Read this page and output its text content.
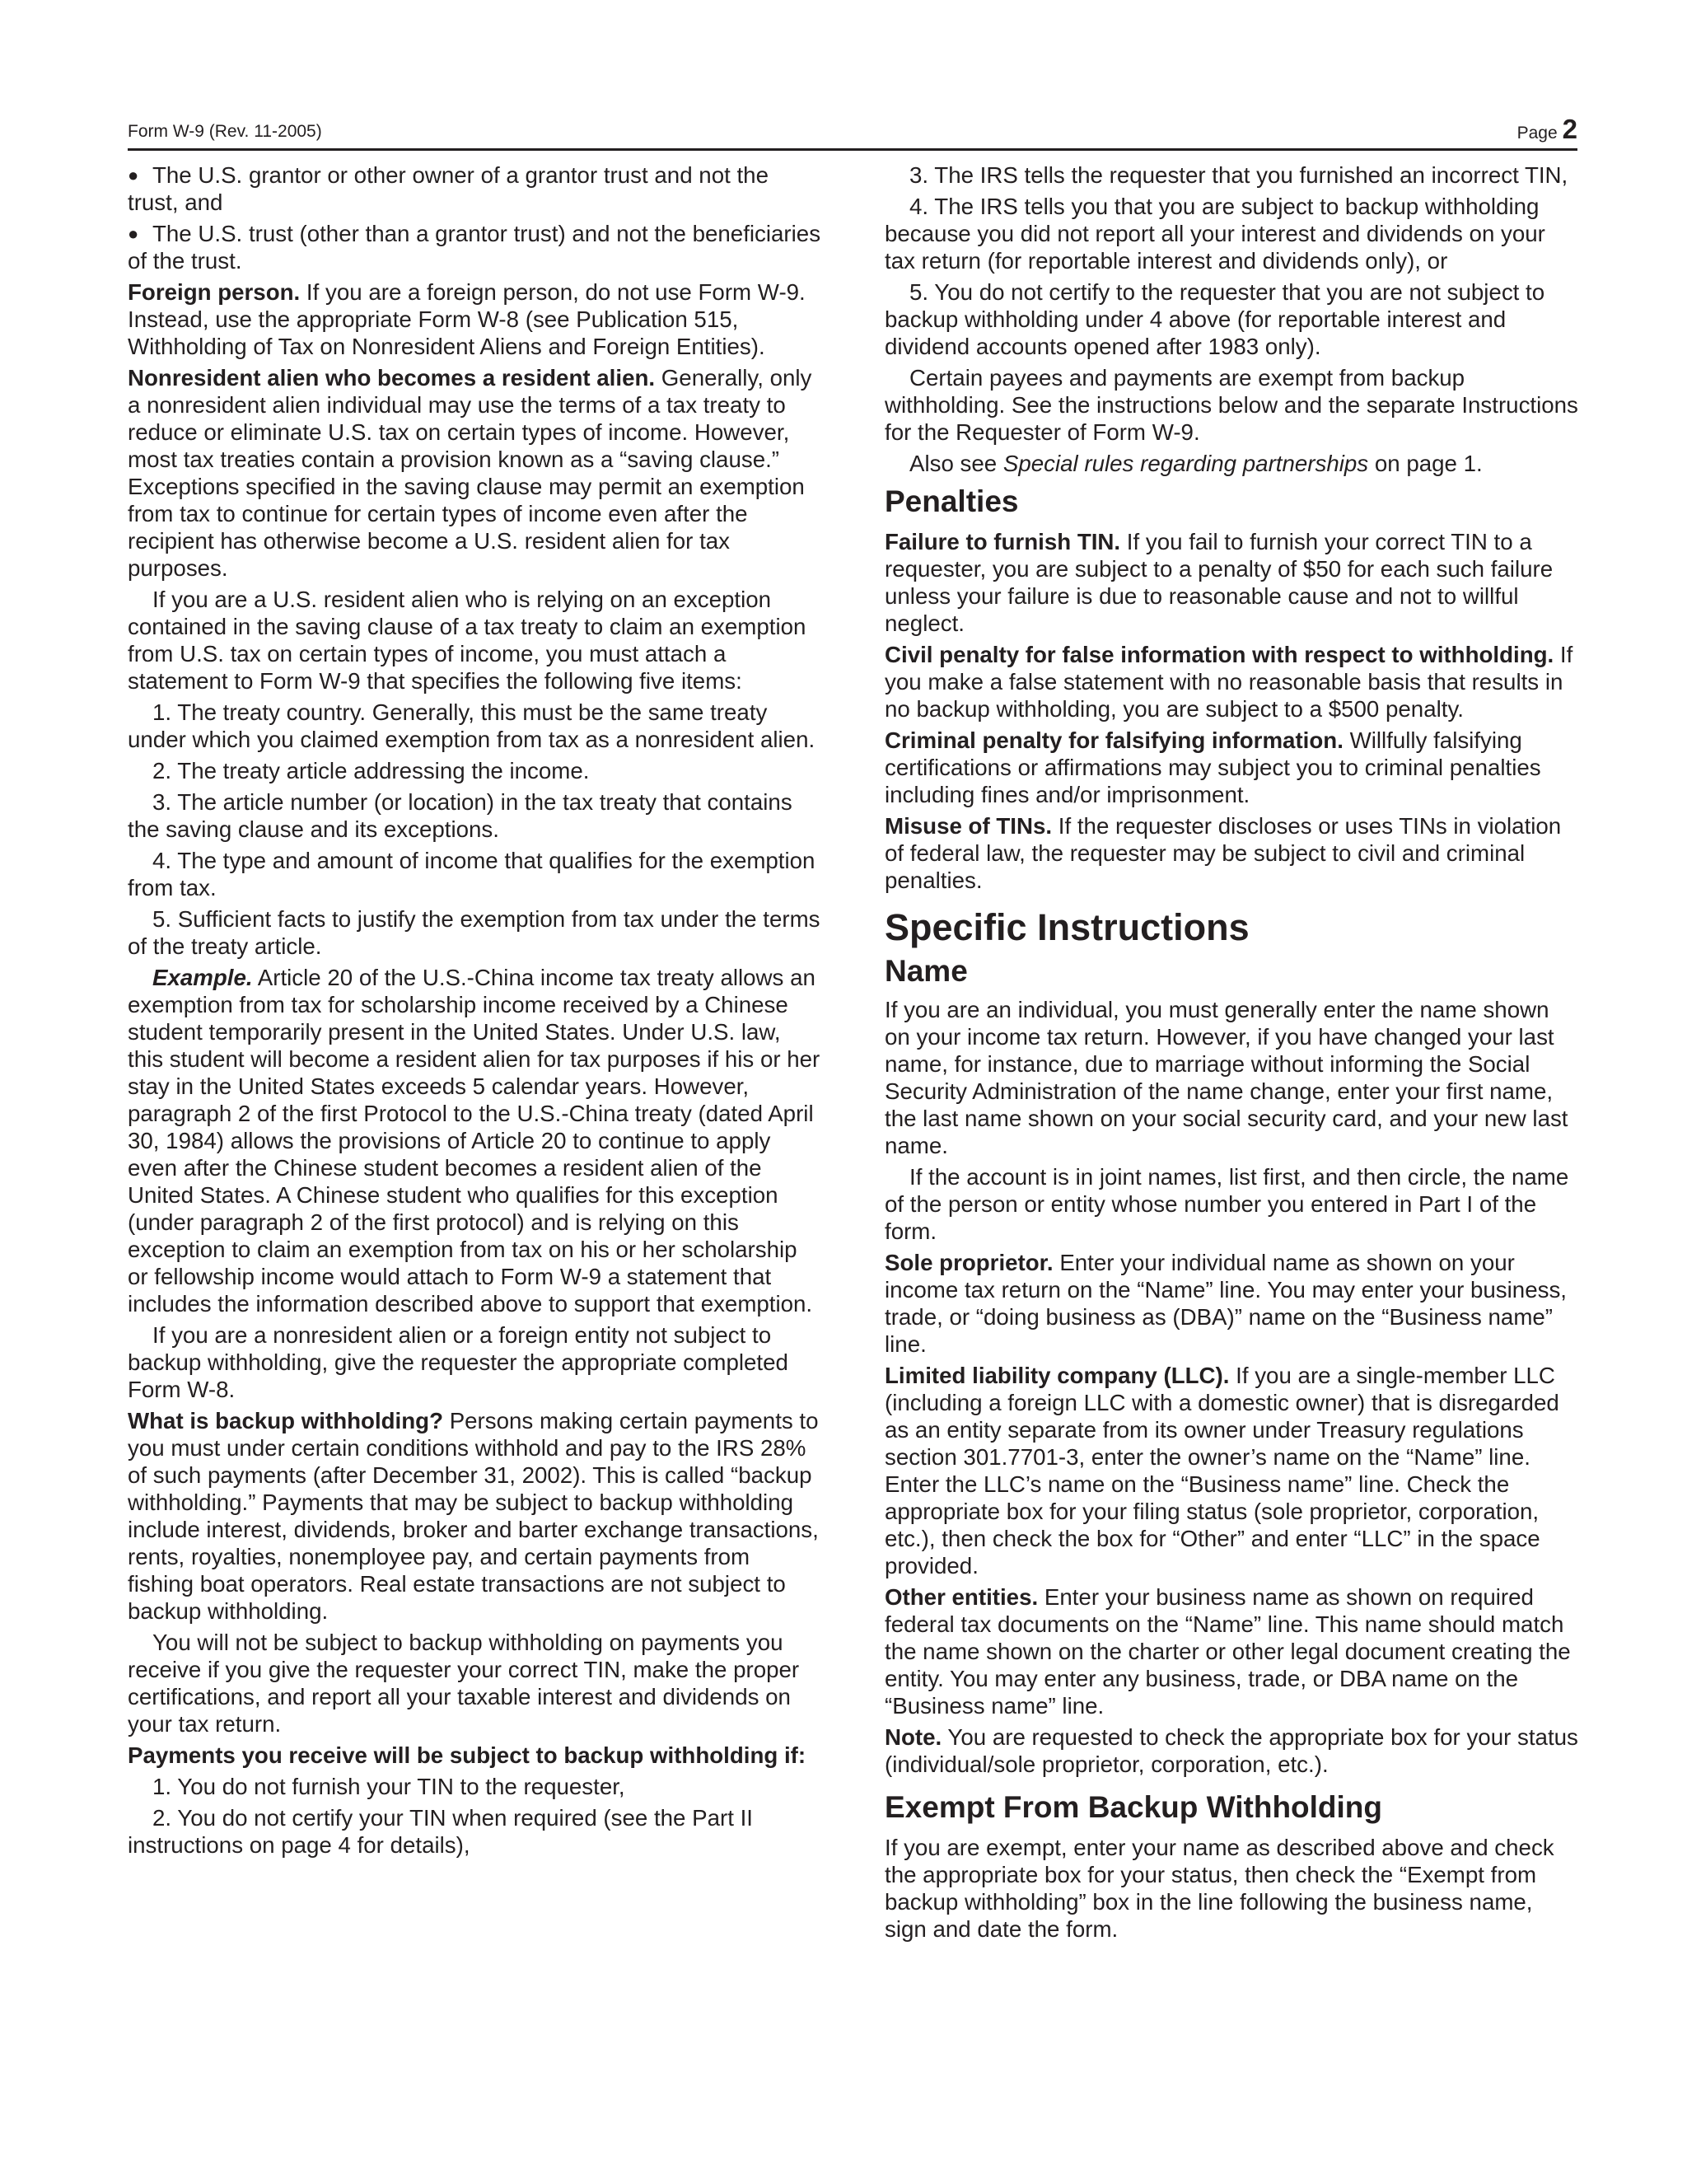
Form W-9 (Rev. 11-2005)	Page 2

● The U.S. grantor or other owner of a grantor trust and not the trust, and

● The U.S. trust (other than a grantor trust) and not the beneficiaries of the trust.

Foreign person. If you are a foreign person, do not use Form W-9. Instead, use the appropriate Form W-8 (see Publication 515, Withholding of Tax on Nonresident Aliens and Foreign Entities).

Nonresident alien who becomes a resident alien. Generally, only a nonresident alien individual may use the terms of a tax treaty to reduce or eliminate U.S. tax on certain types of income. However, most tax treaties contain a provision known as a “saving clause.” Exceptions specified in the saving clause may permit an exemption from tax to continue for certain types of income even after the recipient has otherwise become a U.S. resident alien for tax purposes.

If you are a U.S. resident alien who is relying on an exception contained in the saving clause of a tax treaty to claim an exemption from U.S. tax on certain types of income, you must attach a statement to Form W-9 that specifies the following five items:

1. The treaty country. Generally, this must be the same treaty under which you claimed exemption from tax as a nonresident alien.

2. The treaty article addressing the income.

3. The article number (or location) in the tax treaty that contains the saving clause and its exceptions.

4. The type and amount of income that qualifies for the exemption from tax.

5. Sufficient facts to justify the exemption from tax under the terms of the treaty article.

Example. Article 20 of the U.S.-China income tax treaty allows an exemption from tax for scholarship income received by a Chinese student temporarily present in the United States. Under U.S. law, this student will become a resident alien for tax purposes if his or her stay in the United States exceeds 5 calendar years. However, paragraph 2 of the first Protocol to the U.S.-China treaty (dated April 30, 1984) allows the provisions of Article 20 to continue to apply even after the Chinese student becomes a resident alien of the United States. A Chinese student who qualifies for this exception (under paragraph 2 of the first protocol) and is relying on this exception to claim an exemption from tax on his or her scholarship or fellowship income would attach to Form W-9 a statement that includes the information described above to support that exemption.

If you are a nonresident alien or a foreign entity not subject to backup withholding, give the requester the appropriate completed Form W-8.

What is backup withholding? Persons making certain payments to you must under certain conditions withhold and pay to the IRS 28% of such payments (after December 31, 2002). This is called “backup withholding.” Payments that may be subject to backup withholding include interest, dividends, broker and barter exchange transactions, rents, royalties, nonemployee pay, and certain payments from fishing boat operators. Real estate transactions are not subject to backup withholding.

You will not be subject to backup withholding on payments you receive if you give the requester your correct TIN, make the proper certifications, and report all your taxable interest and dividends on your tax return.

Payments you receive will be subject to backup withholding if:

1. You do not furnish your TIN to the requester,

2. You do not certify your TIN when required (see the Part II instructions on page 4 for details),

3. The IRS tells the requester that you furnished an incorrect TIN,

4. The IRS tells you that you are subject to backup withholding because you did not report all your interest and dividends on your tax return (for reportable interest and dividends only), or

5. You do not certify to the requester that you are not subject to backup withholding under 4 above (for reportable interest and dividend accounts opened after 1983 only).

Certain payees and payments are exempt from backup withholding. See the instructions below and the separate Instructions for the Requester of Form W-9.

Also see Special rules regarding partnerships on page 1.

Penalties

Failure to furnish TIN. If you fail to furnish your correct TIN to a requester, you are subject to a penalty of $50 for each such failure unless your failure is due to reasonable cause and not to willful neglect.

Civil penalty for false information with respect to withholding. If you make a false statement with no reasonable basis that results in no backup withholding, you are subject to a $500 penalty.

Criminal penalty for falsifying information. Willfully falsifying certifications or affirmations may subject you to criminal penalties including fines and/or imprisonment.

Misuse of TINs. If the requester discloses or uses TINs in violation of federal law, the requester may be subject to civil and criminal penalties.

Specific Instructions
Name

If you are an individual, you must generally enter the name shown on your income tax return. However, if you have changed your last name, for instance, due to marriage without informing the Social Security Administration of the name change, enter your first name, the last name shown on your social security card, and your new last name.

If the account is in joint names, list first, and then circle, the name of the person or entity whose number you entered in Part I of the form.

Sole proprietor. Enter your individual name as shown on your income tax return on the “Name” line. You may enter your business, trade, or “doing business as (DBA)” name on the “Business name” line.

Limited liability company (LLC). If you are a single-member LLC (including a foreign LLC with a domestic owner) that is disregarded as an entity separate from its owner under Treasury regulations section 301.7701-3, enter the owner’s name on the “Name” line. Enter the LLC’s name on the “Business name” line. Check the appropriate box for your filing status (sole proprietor, corporation, etc.), then check the box for “Other” and enter “LLC” in the space provided.

Other entities. Enter your business name as shown on required federal tax documents on the “Name” line. This name should match the name shown on the charter or other legal document creating the entity. You may enter any business, trade, or DBA name on the “Business name” line.

Note. You are requested to check the appropriate box for your status (individual/sole proprietor, corporation, etc.).

Exempt From Backup Withholding

If you are exempt, enter your name as described above and check the appropriate box for your status, then check the “Exempt from backup withholding” box in the line following the business name, sign and date the form.
